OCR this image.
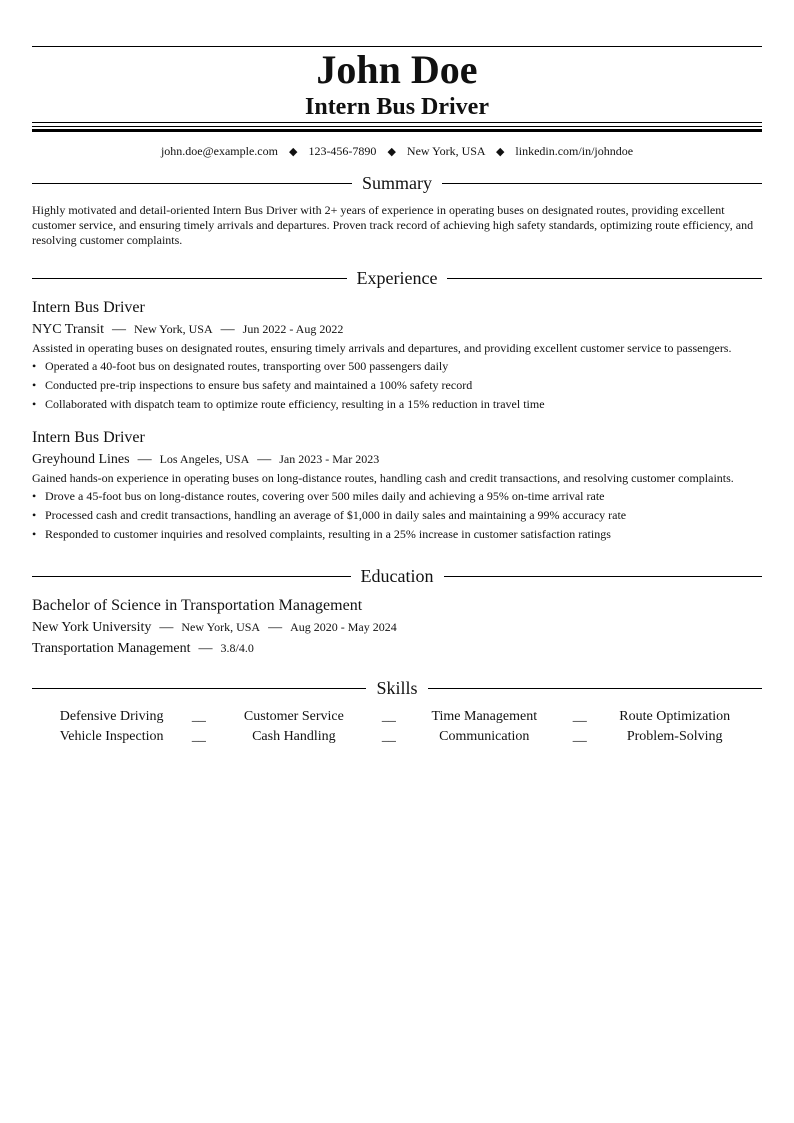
John Doe
Intern Bus Driver
john.doe@example.com ◆ 123-456-7890 ◆ New York, USA ◆ linkedin.com/in/johndoe
Summary
Highly motivated and detail-oriented Intern Bus Driver with 2+ years of experience in operating buses on designated routes, providing excellent customer service, and ensuring timely arrivals and departures. Proven track record of achieving high safety standards, optimizing route efficiency, and resolving customer complaints.
Experience
Intern Bus Driver
NYC Transit — New York, USA — Jun 2022 - Aug 2022
Assisted in operating buses on designated routes, ensuring timely arrivals and departures, and providing excellent customer service to passengers.
• Operated a 40-foot bus on designated routes, transporting over 500 passengers daily
• Conducted pre-trip inspections to ensure bus safety and maintained a 100% safety record
• Collaborated with dispatch team to optimize route efficiency, resulting in a 15% reduction in travel time
Intern Bus Driver
Greyhound Lines — Los Angeles, USA — Jan 2023 - Mar 2023
Gained hands-on experience in operating buses on long-distance routes, handling cash and credit transactions, and resolving customer complaints.
• Drove a 45-foot bus on long-distance routes, covering over 500 miles daily and achieving a 95% on-time arrival rate
• Processed cash and credit transactions, handling an average of $1,000 in daily sales and maintaining a 99% accuracy rate
• Responded to customer inquiries and resolved complaints, resulting in a 25% increase in customer satisfaction ratings
Education
Bachelor of Science in Transportation Management
New York University — New York, USA — Aug 2020 - May 2024
Transportation Management — 3.8/4.0
Skills
Defensive Driving	__	Customer Service	__	Time Management	__	Route Optimization
Vehicle Inspection	__	Cash Handling	__	Communication	__	Problem-Solving
